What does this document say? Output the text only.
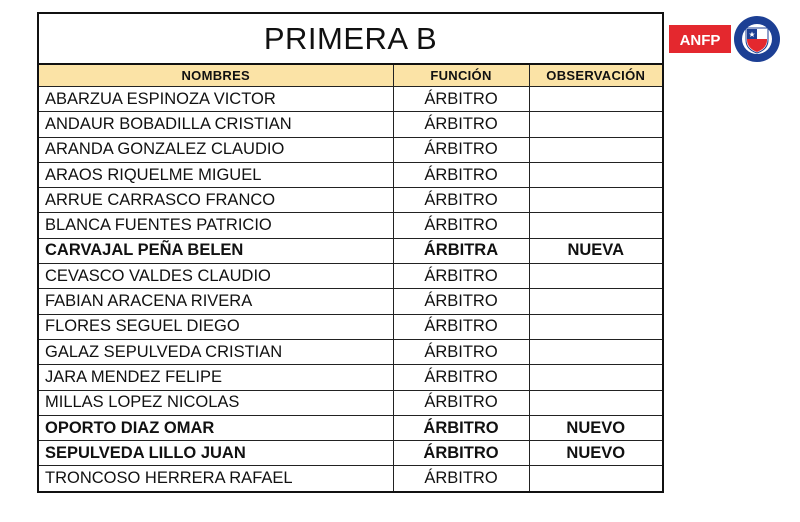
PRIMERA B
NOMBRES	FUNCIÓN	OBSERVACIÓN
ABARZUA ESPINOZA VICTOR	ÁRBITRO	
ANDAUR BOBADILLA CRISTIAN	ÁRBITRO	
ARANDA GONZALEZ CLAUDIO	ÁRBITRO	
ARAOS RIQUELME MIGUEL	ÁRBITRO	
ARRUE CARRASCO FRANCO	ÁRBITRO	
BLANCA FUENTES PATRICIO	ÁRBITRO	
CARVAJAL PEÑA BELEN	ÁRBITRA	NUEVA
CEVASCO VALDES CLAUDIO	ÁRBITRO	
FABIAN ARACENA RIVERA	ÁRBITRO	
FLORES SEGUEL DIEGO	ÁRBITRO	
GALAZ SEPULVEDA CRISTIAN	ÁRBITRO	
JARA MENDEZ FELIPE	ÁRBITRO	
MILLAS LOPEZ NICOLAS	ÁRBITRO	
OPORTO DIAZ OMAR	ÁRBITRO	NUEVO
SEPULVEDA LILLO JUAN	ÁRBITRO	NUEVO
TRONCOSO HERRERA RAFAEL	ÁRBITRO	
ANFP
